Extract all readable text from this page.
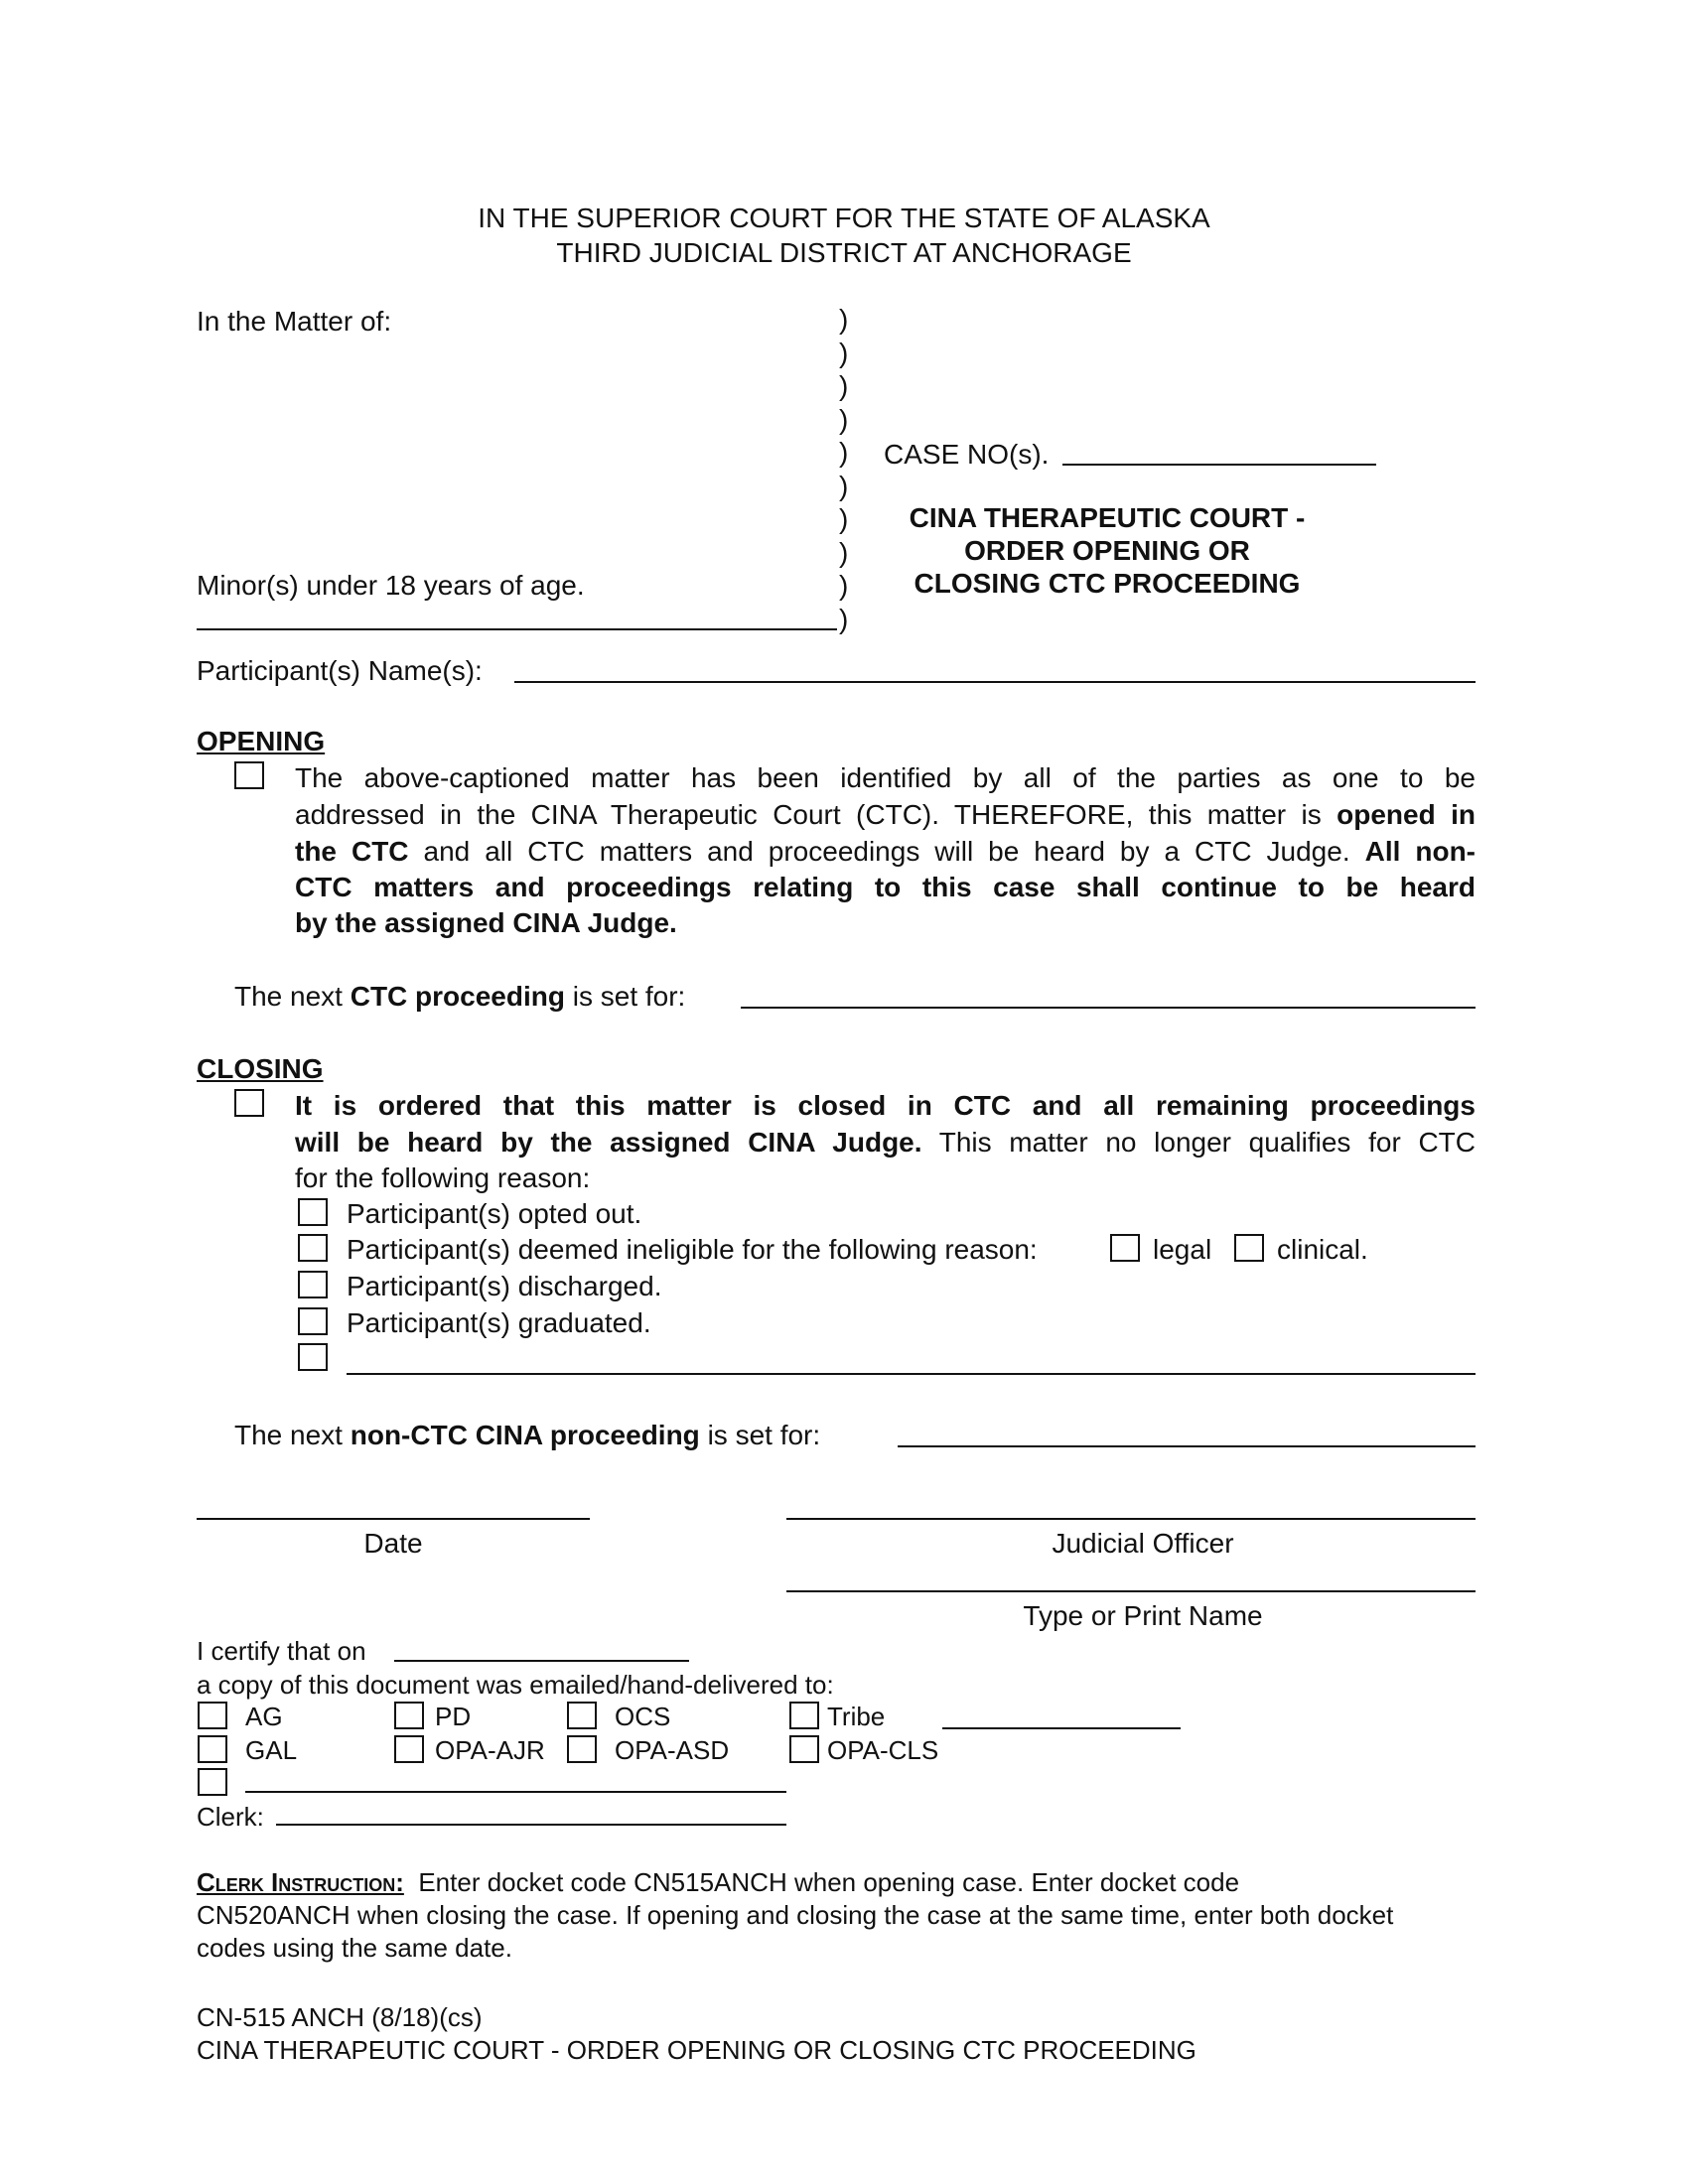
IN THE SUPERIOR COURT FOR THE STATE OF ALASKA
THIRD JUDICIAL DISTRICT AT ANCHORAGE
In the Matter of:
Minor(s) under 18 years of age.
)
)
)
)
)
)
)
)
)
)
CASE NO(s).
CINA THERAPEUTIC COURT -
ORDER OPENING OR
CLOSING CTC PROCEEDING
Participant(s) Name(s):
OPENING
The above-captioned matter has been identified by all of the parties as one to be
addressed in the CINA Therapeutic Court (CTC). THEREFORE, this matter is opened in
the CTC and all CTC matters and proceedings will be heard by a CTC Judge. All non-
CTC matters and proceedings relating to this case shall continue to be heard
by the assigned CINA Judge.
The next CTC proceeding is set for:
CLOSING
It is ordered that this matter is closed in CTC and all remaining proceedings
will be heard by the assigned CINA Judge. This matter no longer qualifies for CTC
for the following reason:
Participant(s) opted out.
Participant(s) deemed ineligible for the following reason:	legal clinical.
Participant(s) discharged.
Participant(s) graduated.
The next non-CTC CINA proceeding is set for:
Date	Judicial Officer
Type or Print Name
I certify that on
a copy of this document was emailed/hand-delivered to:
AG	PD	OCS	Tribe
GAL	OPA-AJR	OPA-ASD	OPA-CLS
Clerk:
Clerk Instruction: Enter docket code CN515ANCH when opening case. Enter docket code
CN520ANCH when closing the case. If opening and closing the case at the same time, enter both docket
codes using the same date.
CN-515 ANCH (8/18)(cs)
CINA THERAPEUTIC COURT - ORDER OPENING OR CLOSING CTC PROCEEDING
